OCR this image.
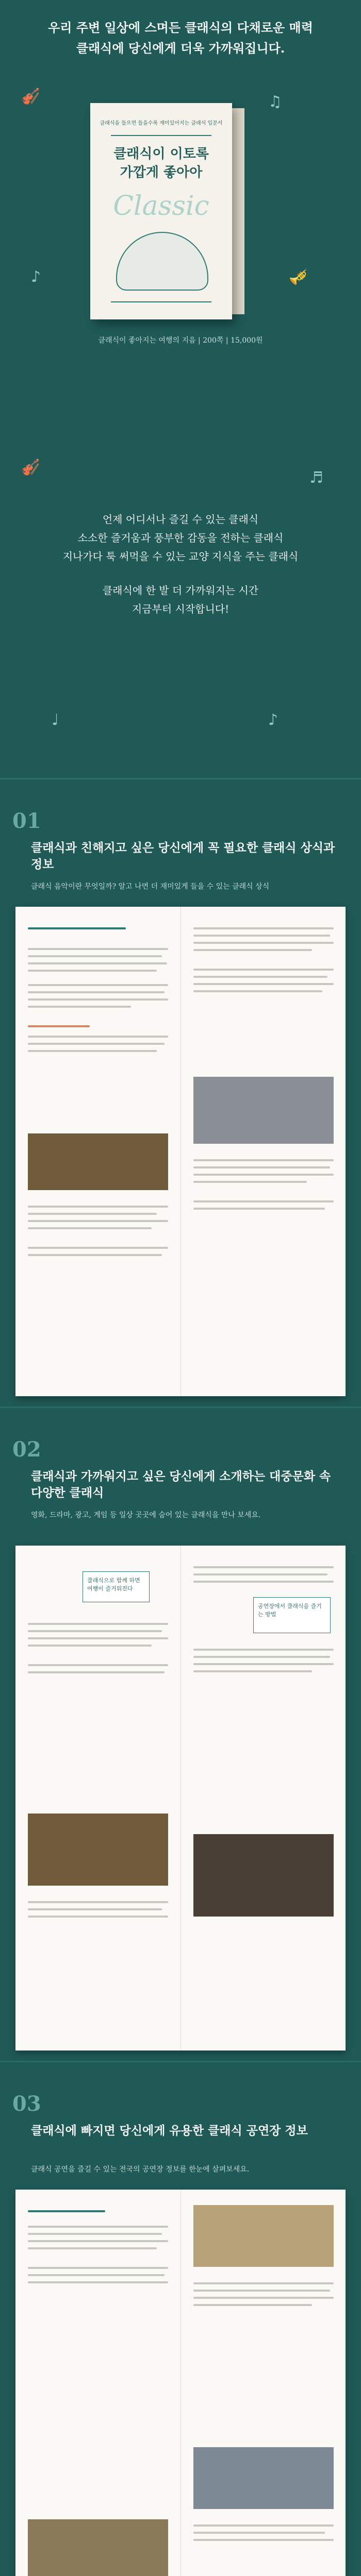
우리 주변 일상에 스며든 클래식의 다채로운 매력
클래식에 당신에게 더욱 가까워집니다.
🎻	♫
♪	🎺
클래식을 들으면 들을수록 재미있어지는 클래식 입문서
클래식이 이토록
가깝게 좋아아
Classic
클래식이 좋아지는 여행의 지음 | 200쪽 | 15,000원
🎻
♬
언제 어디서나 즐길 수 있는 클래식
소소한 즐거움과 풍부한 감동을 전하는 클래식
지나가다 툭 써먹을 수 있는 교양 지식을 주는 클래식
클래식에 한 발 더 가까워지는 시간
지금부터 시작합니다!
♩	♪
01
클래식과 친해지고 싶은 당신에게 꼭 필요한 클래식 상식과 정보
클래식 음악이란 무엇일까? 알고 나면 더 재미있게 들을 수 있는 클래식 상식
02
클래식과 가까워지고 싶은 당신에게 소개하는 대중문화 속 다양한 클래식
영화, 드라마, 광고, 게임 등 일상 곳곳에 숨어 있는 클래식을 만나 보세요.
클래식으로 함께 하면 여행이 즐거워진다
공연장에서 클래식을 즐기는 방법
03
클래식에 빠지면 당신에게 유용한 클래식 공연장 정보
클래식 공연을 즐길 수 있는 전국의 공연장 정보를 한눈에 살펴보세요.
